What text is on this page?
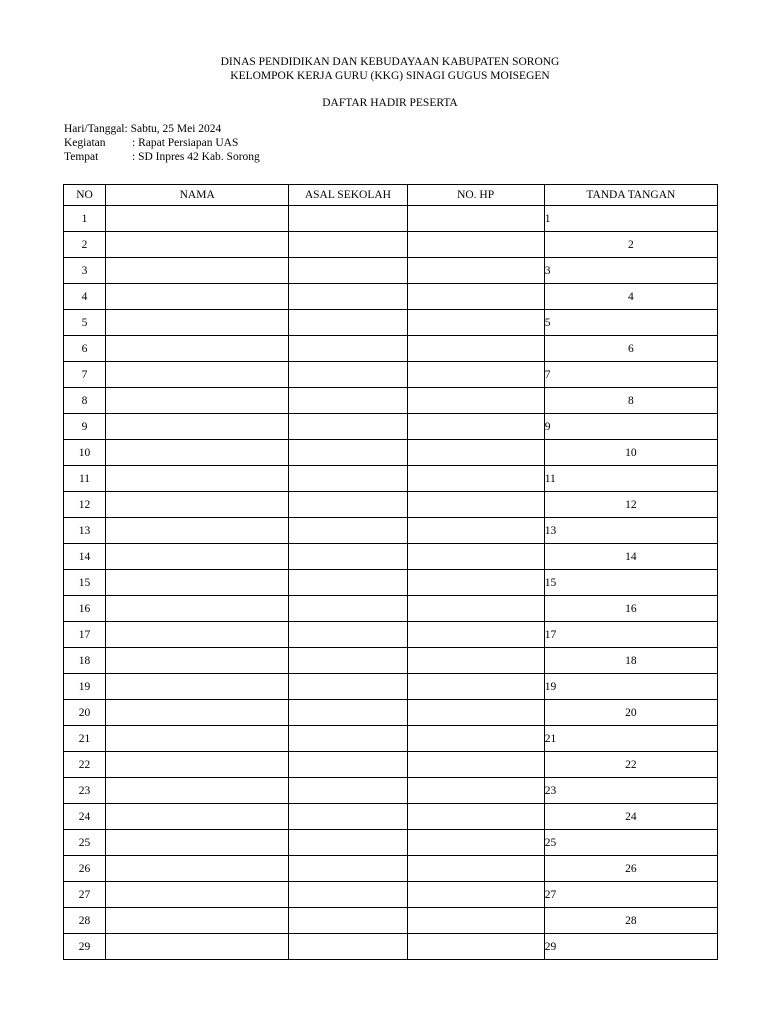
DINAS PENDIDIKAN DAN KEBUDAYAAN KABUPATEN SORONG
KELOMPOK KERJA GURU (KKG) SINAGI GUGUS MOISEGEN
DAFTAR HADIR PESERTA
Hari/Tanggal: Sabtu, 25 Mei 2024
Kegiatan : Rapat Persiapan UAS
Tempat	: SD Inpres 42 Kab. Sorong
NO	NAMA	ASAL SEKOLAH	NO. HP	TANDA TANGAN
1				1
2				2
3				3
4				4
5				5
6				6
7				7
8				8
9				9
10				10
11				11
12				12
13				13
14				14
15				15
16				16
17				17
18				18
19				19
20				20
21				21
22				22
23				23
24				24
25				25
26				26
27				27
28				28
29				29
